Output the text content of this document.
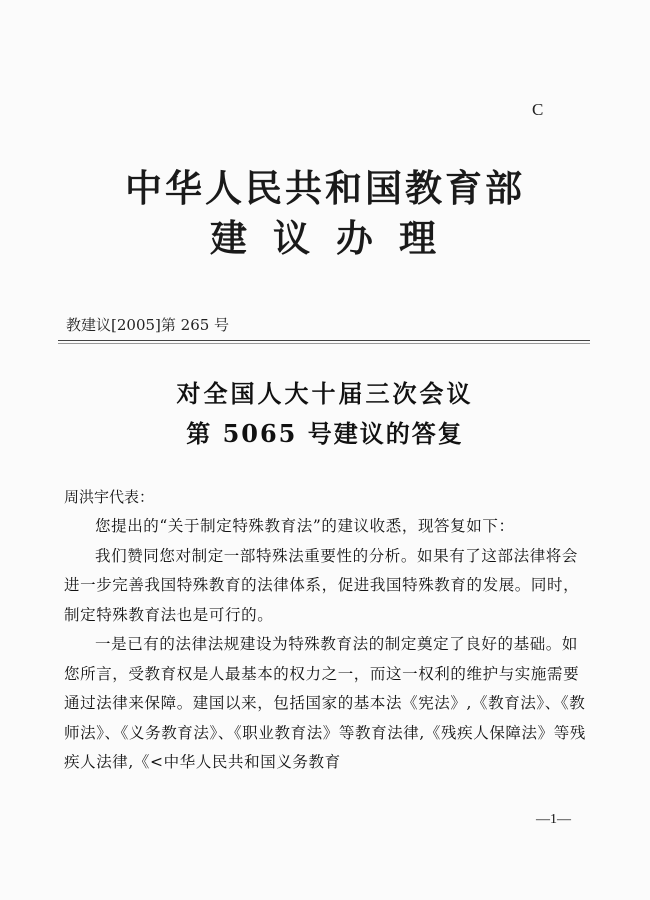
C
中华人民共和国教育部
建议办理
教建议[2005]第 265 号
对全国人大十届三次会议
第 5065 号建议的答复
周洪宇代表：

您提出的“关于制定特殊教育法”的建议收悉，现答复如下：

我们赞同您对制定一部特殊法重要性的分析。如果有了这部法律将会进一步完善我国特殊教育的法律体系，促进我国特殊教育的发展。同时，制定特殊教育法也是可行的。

一是已有的法律法规建设为特殊教育法的制定奠定了良好的基础。如您所言，受教育权是人最基本的权力之一，而这一权利的维护与实施需要通过法律来保障。建国以来，包括国家的基本法《宪法》,《教育法》、《教师法》、《义务教育法》、《职业教育法》等教育法律,《残疾人保障法》等残疾人法律,《<中华人民共和国义务教育

—1—
